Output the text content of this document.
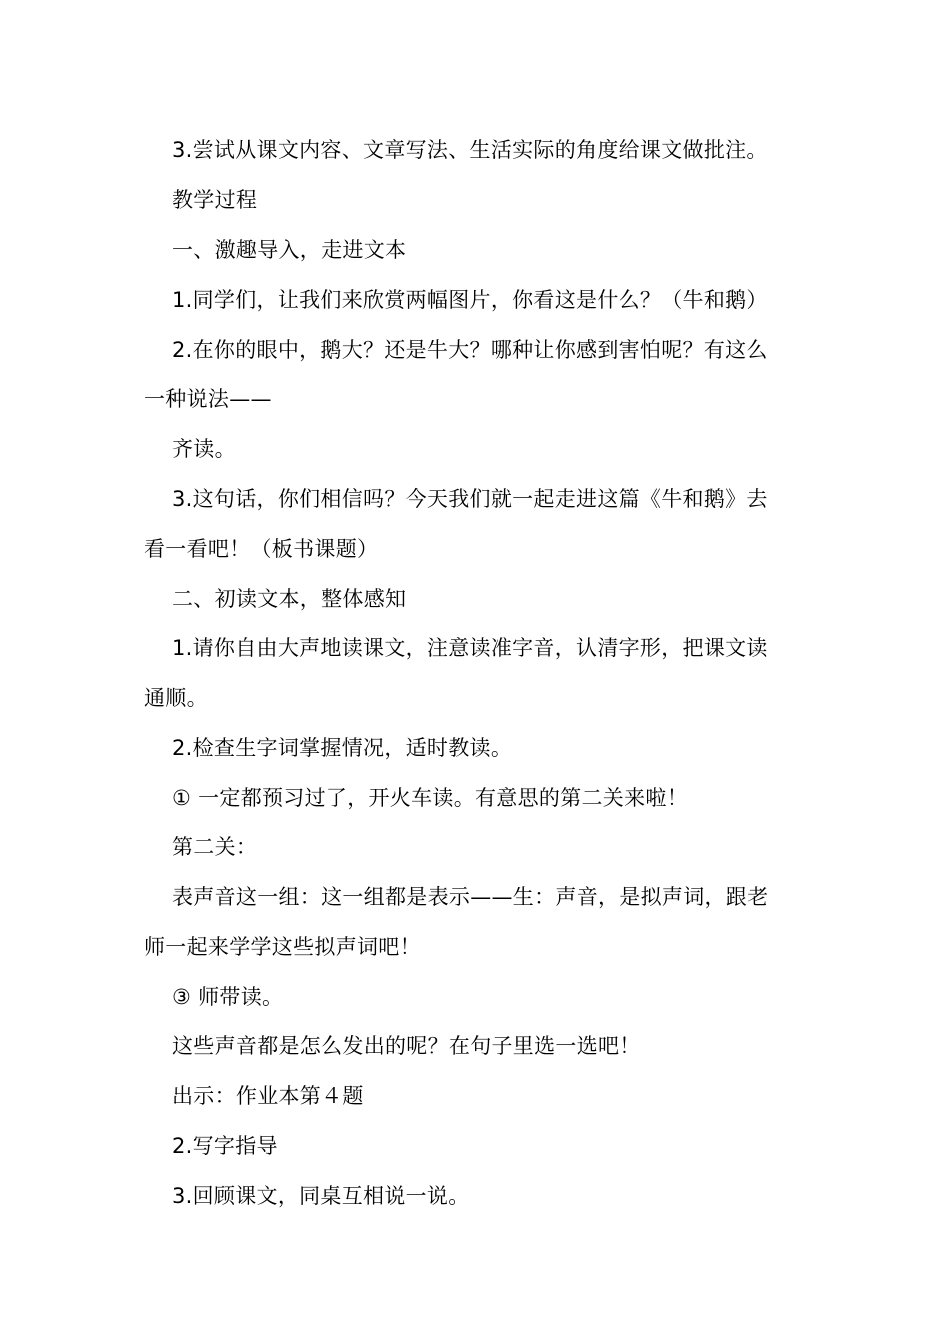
3.尝试从课文内容、文章写法、生活实际的角度给课文做批注。
教学过程
一、激趣导入，走进文本
1.同学们，让我们来欣赏两幅图片，你看这是什么？（牛和鹅）
2.在你的眼中，鹅大？还是牛大？哪种让你感到害怕呢？有这么
一种说法——
齐读。
3.这句话，你们相信吗？今天我们就一起走进这篇《牛和鹅》去
看一看吧！（板书课题）
二、初读文本，整体感知
1.请你自由大声地读课文，注意读准字音，认清字形，把课文读
通顺。
2.检查生字词掌握情况，适时教读。
① 一定都预习过了，开火车读。有意思的第二关来啦！
第二关：
表声音这一组：这一组都是表示——生：声音，是拟声词，跟老
师一起来学学这些拟声词吧！
③ 师带读。
这些声音都是怎么发出的呢？在句子里选一选吧！
出示：作业本第４题
2.写字指导
3.回顾课文，同桌互相说一说。
